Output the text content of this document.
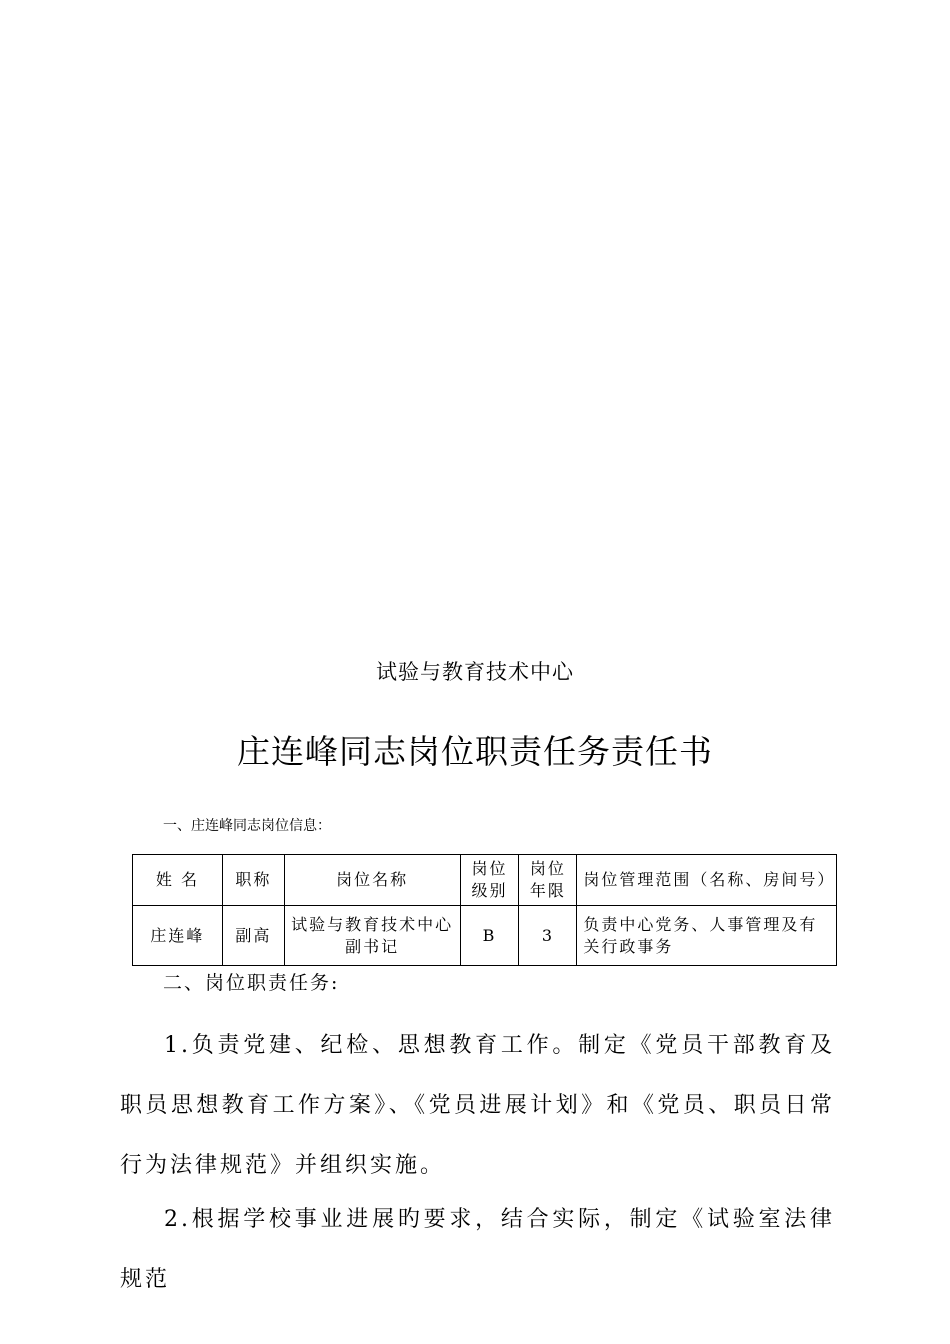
试验与教育技术中心
庄连峰同志岗位职责任务责任书
一、庄连峰同志岗位信息：
姓 名	职称	岗位名称	岗位级别	岗位年限	岗位管理范围（名称、房间号）
庄连峰	副高	试验与教育技术中心副书记	B	3	负责中心党务、人事管理及有关行政事务
二、岗位职责任务:

1.负责党建、纪检、思想教育工作。制定《党员干部教育及职员思想教育工作方案》、《党员进展计划》和《党员、职员日常行为法律规范》并组织实施。

2.根据学校事业进展旳要求，结合实际，制定《试验室法律规范
